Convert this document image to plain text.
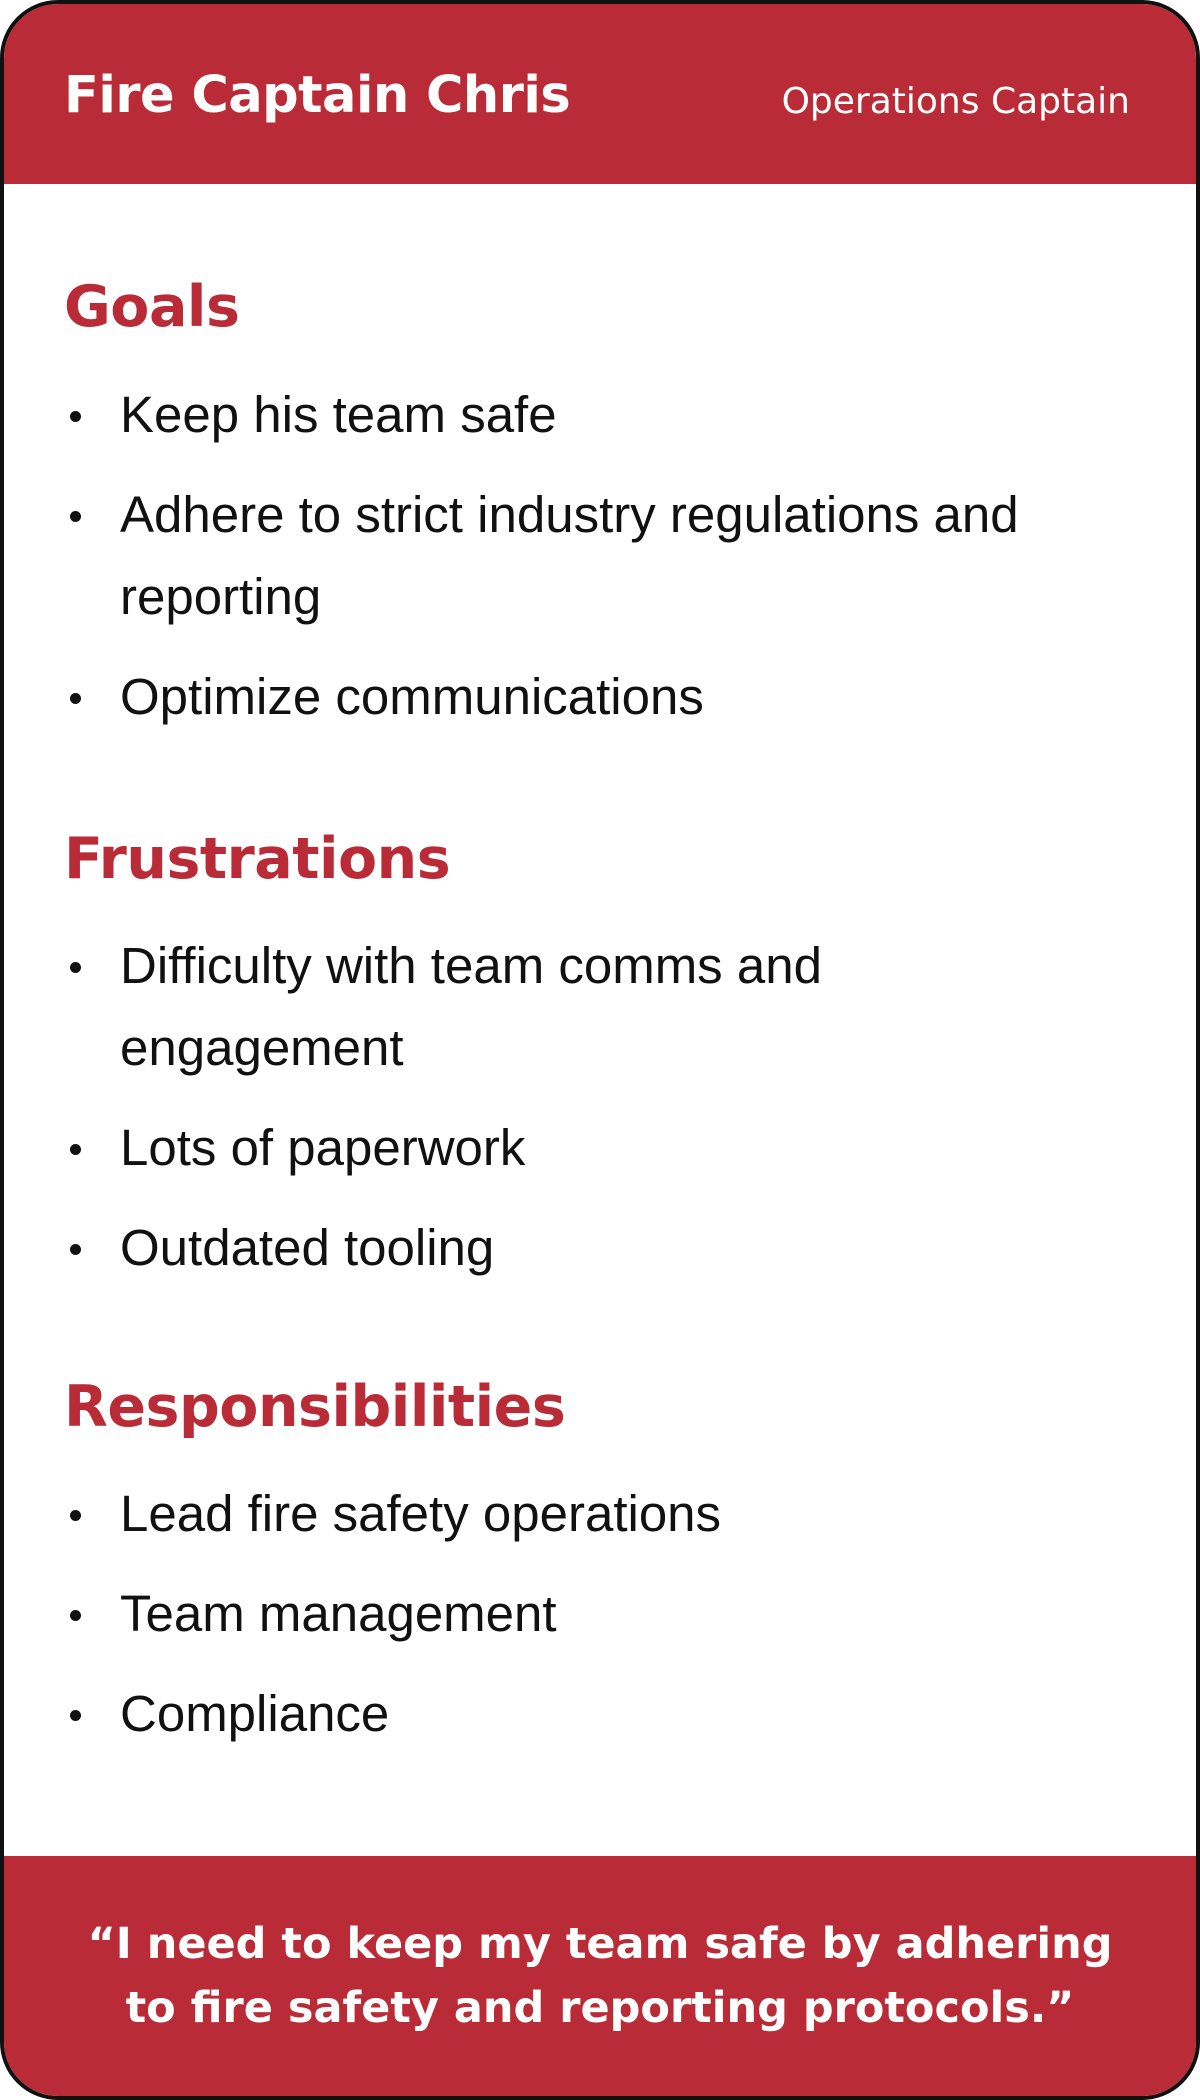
Fire Captain Chris	Operations Captain
Goals
Keep his team safe
Adhere to strict industry regulations and reporting
Optimize communications
Frustrations
Difficulty with team comms and engagement
Lots of paperwork
Outdated tooling
Responsibilities
Lead fire safety operations
Team management
Compliance
“I need to keep my team safe by adhering to fire safety and reporting protocols.”
